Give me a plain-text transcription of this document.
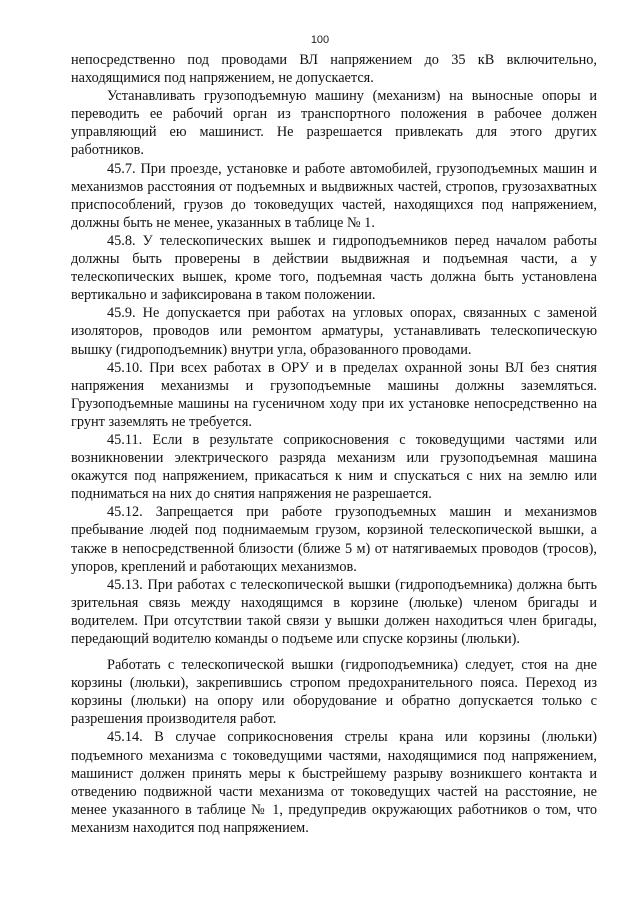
100

непосредственно под проводами ВЛ напряжением до 35 кВ включительно, находящимися под напряжением, не допускается.

Устанавливать грузоподъемную машину (механизм) на выносные опоры и переводить ее рабочий орган из транспортного положения в рабочее должен управляющий ею машинист. Не разрешается привлекать для этого других работников.

45.7. При проезде, установке и работе автомобилей, грузоподъемных машин и механизмов расстояния от подъемных и выдвижных частей, стропов, грузозахватных приспособлений, грузов до токоведущих частей, находящихся под напряжением, должны быть не менее, указанных в таблице № 1.

45.8. У телескопических вышек и гидроподъемников перед началом работы должны быть проверены в действии выдвижная и подъемная части, а у телескопических вышек, кроме того, подъемная часть должна быть установлена вертикально и зафиксирована в таком положении.

45.9. Не допускается при работах на угловых опорах, связанных с заменой изоляторов, проводов или ремонтом арматуры, устанавливать телескопическую вышку (гидроподъемник) внутри угла, образованного проводами.

45.10. При всех работах в ОРУ и в пределах охранной зоны ВЛ без снятия напряжения механизмы и грузоподъемные машины должны заземляться. Грузоподъемные машины на гусеничном ходу при их установке непосредственно на грунт заземлять не требуется.

45.11. Если в результате соприкосновения с токоведущими частями или возникновении электрического разряда механизм или грузоподъемная машина окажутся под напряжением, прикасаться к ним и спускаться с них на землю или подниматься на них до снятия напряжения не разрешается.

45.12. Запрещается при работе грузоподъемных машин и механизмов пребывание людей под поднимаемым грузом, корзиной телескопической вышки, а также в непосредственной близости (ближе 5 м) от натягиваемых проводов (тросов), упоров, креплений и работающих механизмов.

45.13. При работах с телескопической вышки (гидроподъемника) должна быть зрительная связь между находящимся в корзине (люльке) членом бригады и водителем. При отсутствии такой связи у вышки должен находиться член бригады, передающий водителю команды о подъеме или спуске корзины (люльки).

Работать с телескопической вышки (гидроподъемника) следует, стоя на дне корзины (люльки), закрепившись стропом предохранительного пояса. Переход из корзины (люльки) на опору или оборудование и обратно допускается только с разрешения производителя работ.

45.14. В случае соприкосновения стрелы крана или корзины (люльки) подъемного механизма с токоведущими частями, находящимися под напряжением, машинист должен принять меры к быстрейшему разрыву возникшего контакта и отведению подвижной части механизма от токоведущих частей на расстояние, не менее указанного в таблице № 1, предупредив окружающих работников о том, что механизм находится под напряжением.
